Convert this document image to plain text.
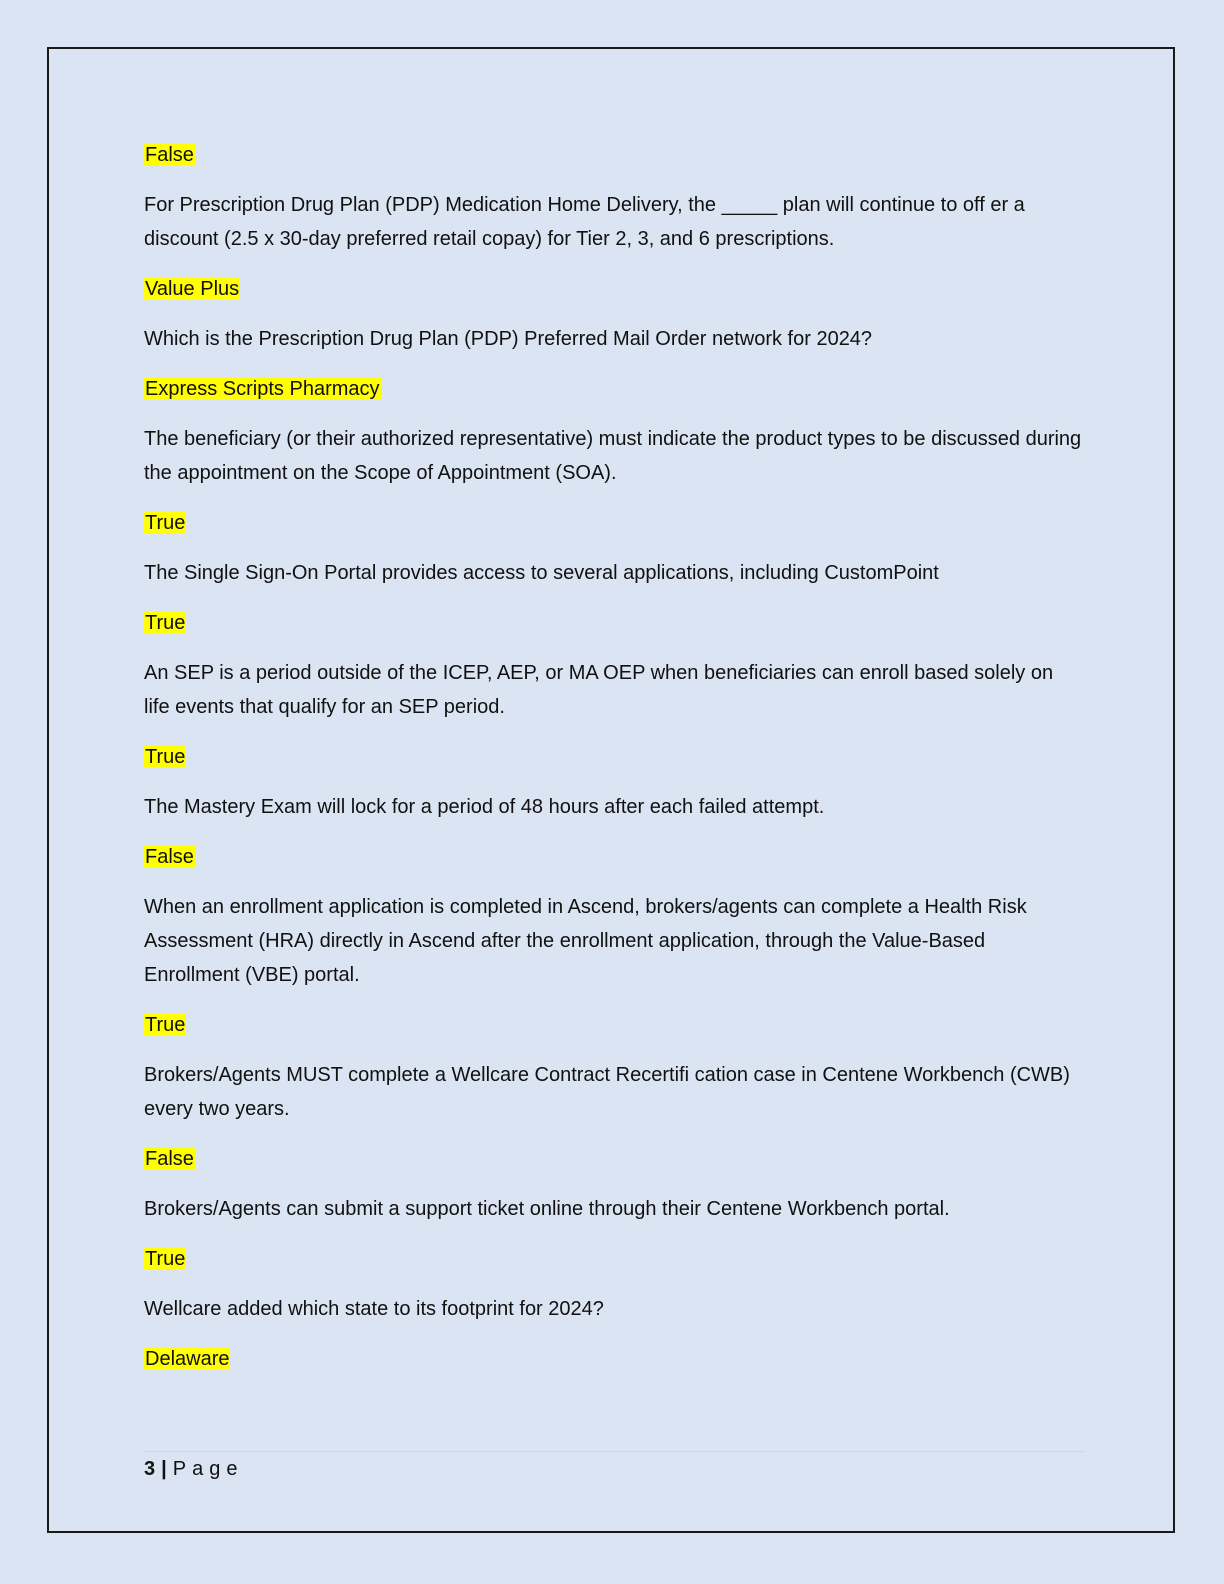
False

For Prescription Drug Plan (PDP) Medication Home Delivery, the _____ plan will continue to off er a discount (2.5 x 30-day preferred retail copay) for Tier 2, 3, and 6 prescriptions.

Value Plus

Which is the Prescription Drug Plan (PDP) Preferred Mail Order network for 2024?

Express Scripts Pharmacy

The beneficiary (or their authorized representative) must indicate the product types to be discussed during the appointment on the Scope of Appointment (SOA).

True

The Single Sign-On Portal provides access to several applications, including CustomPoint

True

An SEP is a period outside of the ICEP, AEP, or MA OEP when beneficiaries can enroll based solely on life events that qualify for an SEP period.

True

The Mastery Exam will lock for a period of 48 hours after each failed attempt.

False

When an enrollment application is completed in Ascend, brokers/agents can complete a Health Risk Assessment (HRA) directly in Ascend after the enrollment application, through the Value-Based Enrollment (VBE) portal.

True

Brokers/Agents MUST complete a Wellcare Contract Recertifi cation case in Centene Workbench (CWB) every two years.

False

Brokers/Agents can submit a support ticket online through their Centene Workbench portal.

True

Wellcare added which state to its footprint for 2024?

Delaware

3 | Page
